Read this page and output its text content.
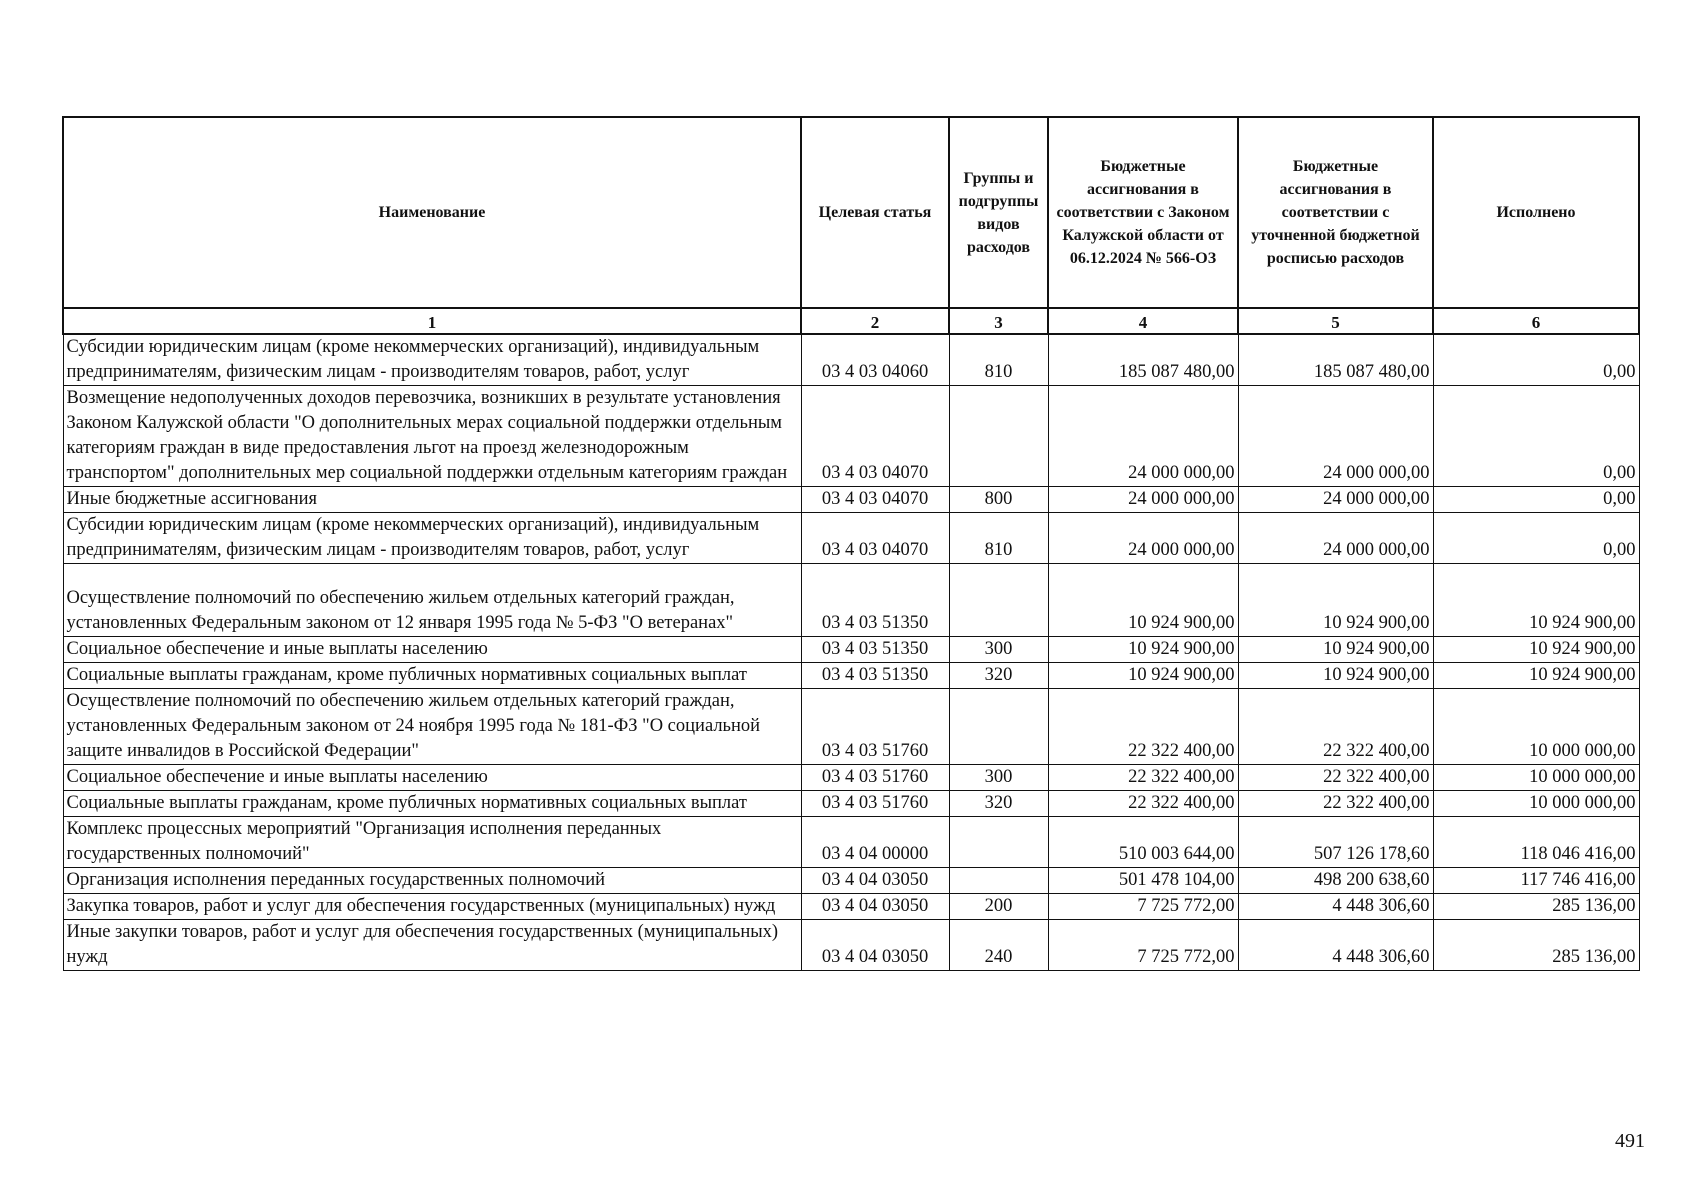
Наименование	Целевая статья	Группы и подгруппы видов расходов	Бюджетные ассигнования в соответствии с Законом Калужской области от 06.12.2024 № 566-ОЗ	Бюджетные ассигнования в соответствии с уточненной бюджетной росписью расходов	Исполнено
1	2	3	4	5	6
Субсидии юридическим лицам (кроме некоммерческих организаций), индивидуальным предпринимателям, физическим лицам - производителям товаров, работ, услуг	03 4 03 04060	810	185 087 480,00	185 087 480,00	0,00
Возмещение недополученных доходов перевозчика, возникших в результате установления Законом Калужской области "О дополнительных мерах социальной поддержки отдельным категориям граждан в виде предоставления льгот на проезд железнодорожным транспортом" дополнительных мер социальной поддержки отдельным категориям граждан	03 4 03 04070		24 000 000,00	24 000 000,00	0,00
Иные бюджетные ассигнования	03 4 03 04070	800	24 000 000,00	24 000 000,00	0,00
Субсидии юридическим лицам (кроме некоммерческих организаций), индивидуальным предпринимателям, физическим лицам - производителям товаров, работ, услуг	03 4 03 04070	810	24 000 000,00	24 000 000,00	0,00
Осуществление полномочий по обеспечению жильем отдельных категорий граждан, установленных Федеральным законом от 12 января 1995 года № 5-ФЗ "О ветеранах"	03 4 03 51350		10 924 900,00	10 924 900,00	10 924 900,00
Социальное обеспечение и иные выплаты населению	03 4 03 51350	300	10 924 900,00	10 924 900,00	10 924 900,00
Социальные выплаты гражданам, кроме публичных нормативных социальных выплат	03 4 03 51350	320	10 924 900,00	10 924 900,00	10 924 900,00
Осуществление полномочий по обеспечению жильем отдельных категорий граждан, установленных Федеральным законом от 24 ноября 1995 года № 181-ФЗ "О социальной защите инвалидов в Российской Федерации"	03 4 03 51760		22 322 400,00	22 322 400,00	10 000 000,00
Социальное обеспечение и иные выплаты населению	03 4 03 51760	300	22 322 400,00	22 322 400,00	10 000 000,00
Социальные выплаты гражданам, кроме публичных нормативных социальных выплат	03 4 03 51760	320	22 322 400,00	22 322 400,00	10 000 000,00
Комплекс процессных мероприятий "Организация исполнения переданных государственных полномочий"	03 4 04 00000		510 003 644,00	507 126 178,60	118 046 416,00
Организация исполнения переданных государственных полномочий	03 4 04 03050		501 478 104,00	498 200 638,60	117 746 416,00
Закупка товаров, работ и услуг для обеспечения государственных (муниципальных) нужд	03 4 04 03050	200	7 725 772,00	4 448 306,60	285 136,00
Иные закупки товаров, работ и услуг для обеспечения государственных (муниципальных) нужд	03 4 04 03050	240	7 725 772,00	4 448 306,60	285 136,00
491
